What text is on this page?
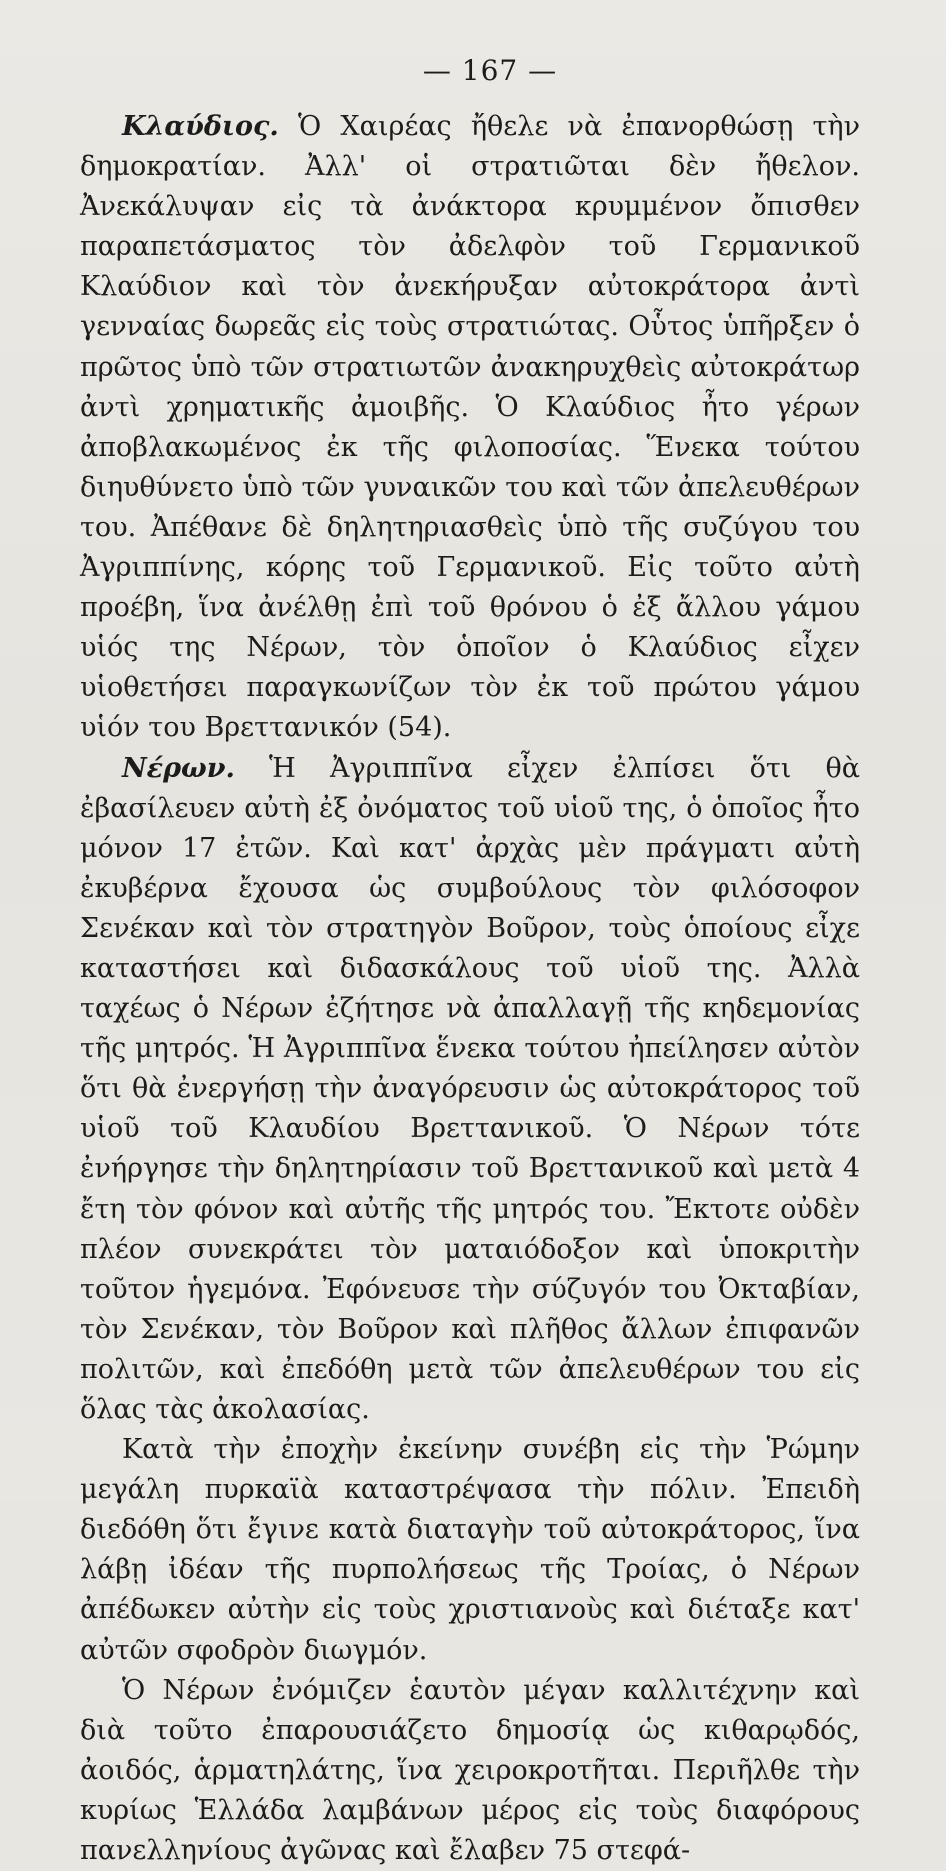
— 167 —

Κλαύδιος. Ὁ Χαιρέας ἤθελε νὰ ἐπανορθώσῃ τὴν δημοκρατίαν. Ἀλλ' οἱ στρατιῶται δὲν ἤθελον. Ἀνεκάλυψαν εἰς τὰ ἀνάκτορα κρυμμένον ὄπισθεν παραπετάσματος τὸν ἀδελφὸν τοῦ Γερμανικοῦ Κλαύδιον καὶ τὸν ἀνεκήρυξαν αὐτοκράτορα ἀντὶ γενναίας δωρεᾶς εἰς τοὺς στρατιώτας. Οὗτος ὑπῆρξεν ὁ πρῶτος ὑπὸ τῶν στρατιωτῶν ἀνακηρυχθεὶς αὐτοκράτωρ ἀντὶ χρηματικῆς ἀμοιβῆς. Ὁ Κλαύδιος ἦτο γέρων ἀποβλακωμένος ἐκ τῆς φιλοποσίας. Ἕνεκα τούτου διηυθύνετο ὑπὸ τῶν γυναικῶν του καὶ τῶν ἀπελευθέρων του. Ἀπέθανε δὲ δηλητηριασθεὶς ὑπὸ τῆς συζύγου του Ἀγριππίνης, κόρης τοῦ Γερμανικοῦ. Εἰς τοῦτο αὐτὴ προέβη, ἵνα ἀνέλθῃ ἐπὶ τοῦ θρόνου ὁ ἐξ ἄλλου γάμου υἱός της Νέρων, τὸν ὁποῖον ὁ Κλαύδιος εἶχεν υἱοθετήσει παραγκωνίζων τὸν ἐκ τοῦ πρώτου γάμου υἱόν του Βρεττανικόν (54).

Νέρων. Ἡ Ἀγριππῖνα εἶχεν ἐλπίσει ὅτι θὰ ἐβασίλευεν αὐτὴ ἐξ ὀνόματος τοῦ υἱοῦ της, ὁ ὁποῖος ἦτο μόνον 17 ἐτῶν. Καὶ κατ' ἀρχὰς μὲν πράγματι αὐτὴ ἐκυβέρνα ἔχουσα ὡς συμβούλους τὸν φιλόσοφον Σενέκαν καὶ τὸν στρατηγὸν Βοῦρον, τοὺς ὁποίους εἶχε καταστήσει καὶ διδασκάλους τοῦ υἱοῦ της. Ἀλλὰ ταχέως ὁ Νέρων ἐζήτησε νὰ ἀπαλλαγῇ τῆς κηδεμονίας τῆς μητρός. Ἡ Ἀγριππῖνα ἕνεκα τούτου ἠπείλησεν αὐτὸν ὅτι θὰ ἐνεργήσῃ τὴν ἀναγόρευσιν ὡς αὐτοκράτορος τοῦ υἱοῦ τοῦ Κλαυδίου Βρεττανικοῦ. Ὁ Νέρων τότε ἐνήργησε τὴν δηλητηρίασιν τοῦ Βρεττανικοῦ καὶ μετὰ 4 ἔτη τὸν φόνον καὶ αὐτῆς τῆς μητρός του. Ἔκτοτε οὐδὲν πλέον συνεκράτει τὸν ματαιόδοξον καὶ ὑποκριτὴν τοῦτον ἡγεμόνα. Ἐφόνευσε τὴν σύζυγόν του Ὀκταβίαν, τὸν Σενέκαν, τὸν Βοῦρον καὶ πλῆθος ἄλλων ἐπιφανῶν πολιτῶν, καὶ ἐπεδόθη μετὰ τῶν ἀπελευθέρων του εἰς ὅλας τὰς ἀκολασίας.

Κατὰ τὴν ἐποχὴν ἐκείνην συνέβη εἰς τὴν Ῥώμην μεγάλη πυρκαϊὰ καταστρέψασα τὴν πόλιν. Ἐπειδὴ διεδόθη ὅτι ἔγινε κατὰ διαταγὴν τοῦ αὐτοκράτορος, ἵνα λάβῃ ἰδέαν τῆς πυρπολήσεως τῆς Τροίας, ὁ Νέρων ἀπέδωκεν αὐτὴν εἰς τοὺς χριστιανοὺς καὶ διέταξε κατ' αὐτῶν σφοδρὸν διωγμόν.

Ὁ Νέρων ἐνόμιζεν ἑαυτὸν μέγαν καλλιτέχνην καὶ διὰ τοῦτο ἐπαρουσιάζετο δημοσίᾳ ὡς κιθαρῳδός, ἀοιδός, ἁρματηλάτης, ἵνα χειροκροτῆται. Περιῆλθε τὴν κυρίως Ἑλλάδα λαμβάνων μέρος εἰς τοὺς διαφόρους πανελληνίους ἀγῶνας καὶ ἔλαβεν 75 στεφά-
